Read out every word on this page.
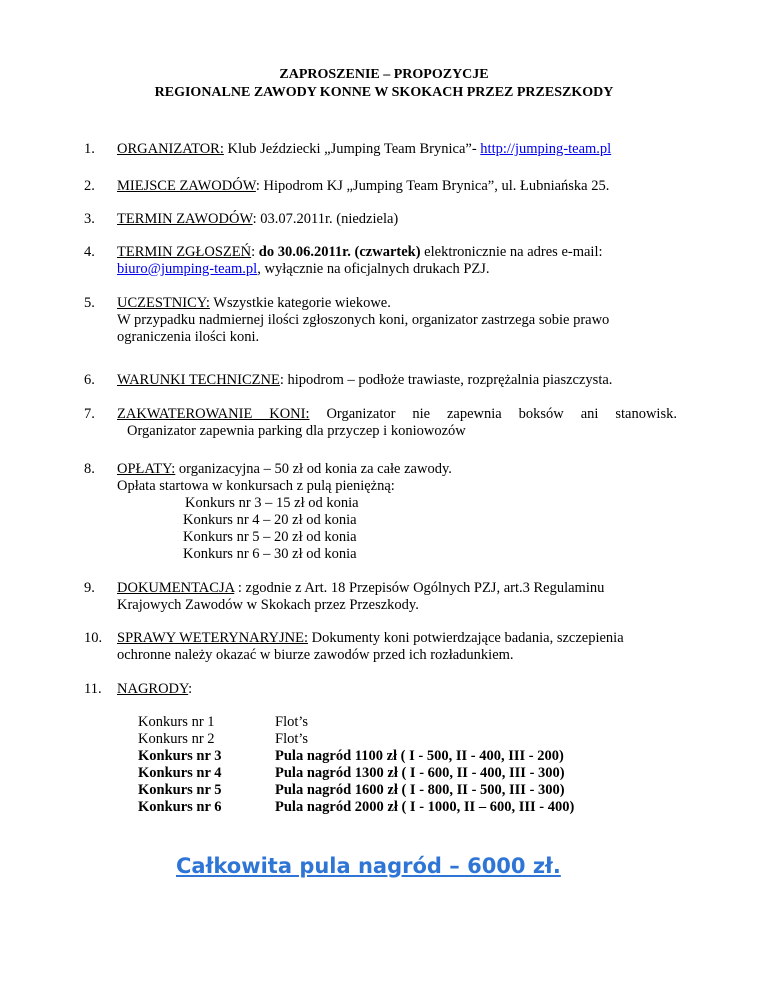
ZAPROSZENIE – PROPOZYCJE
REGIONALNE ZAWODY KONNE W SKOKACH PRZEZ PRZESZKODY
1. ORGANIZATOR: Klub Jeździecki „Jumping Team Brynica”- http://jumping-team.pl
2. MIEJSCE ZAWODÓW: Hipodrom KJ „Jumping Team Brynica”, ul. Łubniańska 25.
3. TERMIN ZAWODÓW: 03.07.2011r. (niedziela)
4. TERMIN ZGŁOSZEŃ: do 30.06.2011r. (czwartek) elektronicznie na adres e-mail:
biuro@jumping-team.pl, wyłącznie na oficjalnych drukach PZJ.
5. UCZESTNICY: Wszystkie kategorie wiekowe.
W przypadku nadmiernej ilości zgłoszonych koni, organizator zastrzega sobie prawo
ograniczenia ilości koni.
6. WARUNKI TECHNICZNE: hipodrom – podłoże trawiaste, rozprężalnia piaszczysta.
7. ZAKWATEROWANIE KONI: Organizator nie zapewnia boksów ani stanowisk.
Organizator zapewnia parking dla przyczep i koniowozów
8. OPŁATY: organizacyjna – 50 zł od konia za całe zawody.
Opłata startowa w konkursach z pulą pieniężną:
Konkurs nr 3 – 15 zł od konia
Konkurs nr 4 – 20 zł od konia
Konkurs nr 5 – 20 zł od konia
Konkurs nr 6 – 30 zł od konia
9. DOKUMENTACJA : zgodnie z Art. 18 Przepisów Ogólnych PZJ, art.3 Regulaminu
Krajowych Zawodów w Skokach przez Przeszkody.
10. SPRAWY WETERYNARYJNE: Dokumenty koni potwierdzające badania, szczepienia
ochronne należy okazać w biurze zawodów przed ich rozładunkiem.
11. NAGRODY:
Konkurs nr 1	Flot’s
Konkurs nr 2	Flot’s
Konkurs nr 3	Pula nagród 1100 zł ( I - 500, II - 400, III - 200)
Konkurs nr 4	Pula nagród 1300 zł ( I - 600, II - 400, III - 300)
Konkurs nr 5	Pula nagród 1600 zł ( I - 800, II - 500, III - 300)
Konkurs nr 6	Pula nagród 2000 zł ( I - 1000, II – 600, III - 400)
Całkowita pula nagród – 6000 zł.
